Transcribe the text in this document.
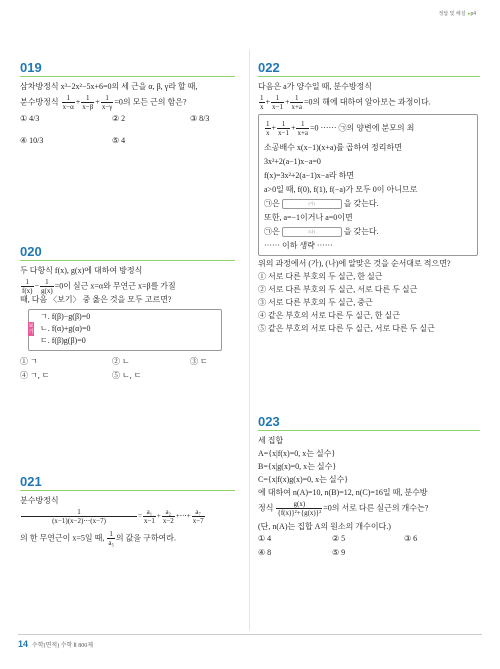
정답 및 해설 ▸p4
019
삼차방정식 x³−2x²−5x+6=0의 세 근을 α, β, γ라 할 때,
분수방정식 $\frac{1}{x-\alpha} + \frac{1}{x-\beta} + \frac{1}{x-\gamma} =0$의 모든 근의 합은?
① 4/3	② 2	③ 8/3
④ 10/3	⑤ 4
020
두 다항식 f(x), g(x)에 대하여 방정식
$\frac{1}{f(x)} - \frac{1}{g(x)} =0$이 실근 x=α와 무연근 x=β를 가질
때, 다음 〈보기〉 중 옳은 것을 모두 고르면?
보기
ㄱ. f(β)−g(β)=0
ㄴ. f(α)+g(α)=0
ㄷ. f(β)g(β)=0
① ㄱ	② ㄴ	③ ㄷ
④ ㄱ, ㄷ	⑤ ㄴ, ㄷ
021
분수방정식
$\frac{1}{(x-1)(x-2)\cdots(x-7)} = \frac{\text{a₁}}{x-1} + \frac{\text{a₂}}{x-2}$ +⋯+ $\frac{\text{a₇}}{x-7}$
의 한 무연근이 x=5일 때, $\frac{1}{\text{a₅}}$ 의 값을 구하여라.
022
다음은 a가 양수일 때, 분수방정식
$\frac{1}{x} + \frac{1}{x-1} + \frac{1}{x+a} =0$의 해에 대하여 알아보는 과정이다.
$\frac{1}{x} + \frac{1}{x-1} + \frac{1}{x+a} =0$ ······ ㉠의 양변에 분모의 최
소공배수 x(x−1)(x+a)를 곱하여 정리하면
3x²+2(a−1)x−a=0
f(x)=3x²+2(a−1)x−a라 하면
a>0일 때, f(0), f(1), f(−a)가 모두 0이 아니므로
㉠은	(가)	을 갖는다.
또한, a=−1이거나 a=0이면
㉠은	(나)	을 갖는다.
······ 이하 생략 ······
위의 과정에서 (가), (나)에 알맞은 것을 순서대로 적으면?
① 서로 다른 부호의 두 실근, 한 실근
② 서로 다른 부호의 두 실근, 서로 다른 두 실근
③ 서로 다른 부호의 두 실근, 중근
④ 같은 부호의 서로 다른 두 실근, 한 실근
⑤ 같은 부호의 서로 다른 두 실근, 서로 다른 두 실근
023
세 집합
A={x|f(x)=0, x는 실수}
B={x|g(x)=0, x는 실수}
C={x|f(x)g(x)=0, x는 실수}
에 대하여 n(A)=10, n(B)=12, n(C)=16일 때, 분수방
정식 $\frac{g(x)}{\text{\{f(x)\}²+\{g(x)\}²}} =0$의 서로 다른 실근의 개수는?
(단, n(A)는 집합 A의 원소의 개수이다.)
① 4	② 5	③ 6
④ 8	⑤ 9
14 수학(면적) 수학 Ⅱ 800제
